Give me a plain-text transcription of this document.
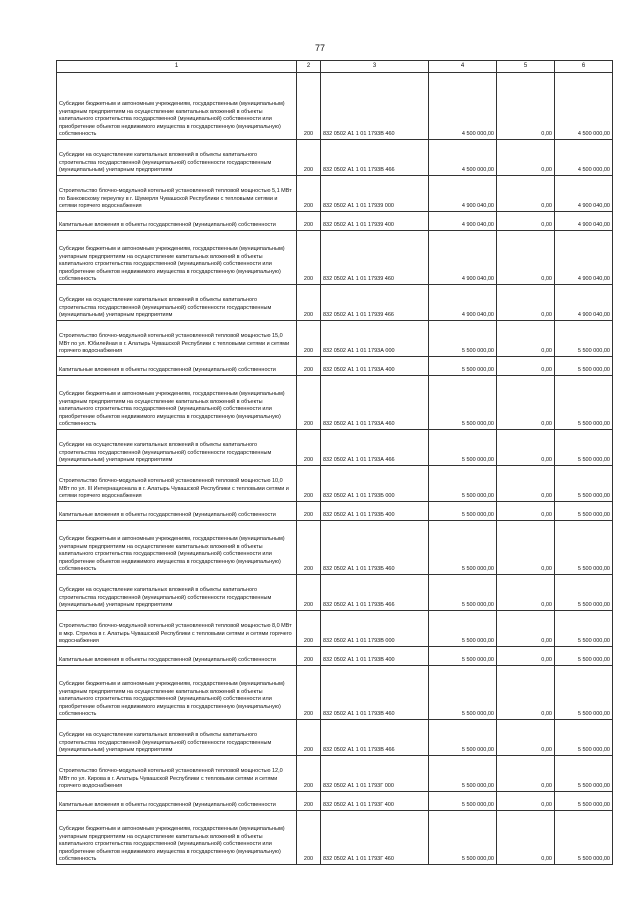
77
1	2	3	4	5	6
Субсидии бюджетным и автономным учреждениям, государственным (муниципальным) унитарным предприятиям на осуществление капитальных вложений в объекты капитального строительства государственной (муниципальной) собственности или приобретение объектов недвижимого имущества в государственную (муниципальную) собственность	200	832 0502 А1 1 01 1793В 460	4 500 000,00	0,00	4 500 000,00
Субсидии на осуществление капитальных вложений в объекты капитального строительства государственной (муниципальной) собственности государственным (муниципальным) унитарным предприятиям	200	832 0502 А1 1 01 1793В 466	4 500 000,00	0,00	4 500 000,00
Строительство блочно-модульной котельной установленной тепловой мощностью 5,1 МВт по Банковскому переулку в г. Шумерля Чувашской Республики с тепловыми сетями и сетями горячего водоснабжения	200	832 0502 А1 1 01 17939 000	4 900 040,00	0,00	4 900 040,00
Капитальные вложения в объекты государственной (муниципальной) собственности	200	832 0502 А1 1 01 17939 400	4 900 040,00	0,00	4 900 040,00
Субсидии бюджетным и автономным учреждениям, государственным (муниципальным) унитарным предприятиям на осуществление капитальных вложений в объекты капитального строительства государственной (муниципальной) собственности или приобретение объектов недвижимого имущества в государственную (муниципальную) собственность	200	832 0502 А1 1 01 17939 460	4 900 040,00	0,00	4 900 040,00
Субсидии на осуществление капитальных вложений в объекты капитального строительства государственной (муниципальной) собственности государственным (муниципальным) унитарным предприятиям	200	832 0502 А1 1 01 17939 466	4 900 040,00	0,00	4 900 040,00
Строительство блочно-модульной котельной установленной тепловой мощностью 15,0 МВт по ул. Юбилейная в г. Алатырь Чувашской Республики с тепловыми сетями и сетями горячего водоснабжения	200	832 0502 А1 1 01 1793А 000	5 500 000,00	0,00	5 500 000,00
Капитальные вложения в объекты государственной (муниципальной) собственности	200	832 0502 А1 1 01 1793А 400	5 500 000,00	0,00	5 500 000,00
Субсидии бюджетным и автономным учреждениям, государственным (муниципальным) унитарным предприятиям на осуществление капитальных вложений в объекты капитального строительства государственной (муниципальной) собственности или приобретение объектов недвижимого имущества в государственную (муниципальную) собственность	200	832 0502 А1 1 01 1793А 460	5 500 000,00	0,00	5 500 000,00
Субсидии на осуществление капитальных вложений в объекты капитального строительства государственной (муниципальной) собственности государственным (муниципальным) унитарным предприятиям	200	832 0502 А1 1 01 1793А 466	5 500 000,00	0,00	5 500 000,00
Строительство блочно-модульной котельной установленной тепловой мощностью 10,0 МВт по ул. III Интернационала в г. Алатырь Чувашской Республики с тепловыми сетями и сетями горячего водоснабжения	200	832 0502 А1 1 01 1793Б 000	5 500 000,00	0,00	5 500 000,00
Капитальные вложения в объекты государственной (муниципальной) собственности	200	832 0502 А1 1 01 1793Б 400	5 500 000,00	0,00	5 500 000,00
Субсидии бюджетным и автономным учреждениям, государственным (муниципальным) унитарным предприятиям на осуществление капитальных вложений в объекты капитального строительства государственной (муниципальной) собственности или приобретение объектов недвижимого имущества в государственную (муниципальную) собственность	200	832 0502 А1 1 01 1793Б 460	5 500 000,00	0,00	5 500 000,00
Субсидии на осуществление капитальных вложений в объекты капитального строительства государственной (муниципальной) собственности государственным (муниципальным) унитарным предприятиям	200	832 0502 А1 1 01 1793Б 466	5 500 000,00	0,00	5 500 000,00
Строительство блочно-модульной котельной установленной тепловой мощностью 8,0 МВт в мкр. Стрелка в г. Алатырь Чувашской Республики с тепловыми сетями и сетями горячего водоснабжения	200	832 0502 А1 1 01 1793В 000	5 500 000,00	0,00	5 500 000,00
Капитальные вложения в объекты государственной (муниципальной) собственности	200	832 0502 А1 1 01 1793В 400	5 500 000,00	0,00	5 500 000,00
Субсидии бюджетным и автономным учреждениям, государственным (муниципальным) унитарным предприятиям на осуществление капитальных вложений в объекты капитального строительства государственной (муниципальной) собственности или приобретение объектов недвижимого имущества в государственную (муниципальную) собственность	200	832 0502 А1 1 01 1793В 460	5 500 000,00	0,00	5 500 000,00
Субсидии на осуществление капитальных вложений в объекты капитального строительства государственной (муниципальной) собственности государственным (муниципальным) унитарным предприятиям	200	832 0502 А1 1 01 1793В 466	5 500 000,00	0,00	5 500 000,00
Строительство блочно-модульной котельной установленной тепловой мощностью 12,0 МВт по ул. Кирова в г. Алатырь Чувашской Республики с тепловыми сетями и сетями горячего водоснабжения	200	832 0502 А1 1 01 1793Г 000	5 500 000,00	0,00	5 500 000,00
Капитальные вложения в объекты государственной (муниципальной) собственности	200	832 0502 А1 1 01 1793Г 400	5 500 000,00	0,00	5 500 000,00
Субсидии бюджетным и автономным учреждениям, государственным (муниципальным) унитарным предприятиям на осуществление капитальных вложений в объекты капитального строительства государственной (муниципальной) собственности или приобретение объектов недвижимого имущества в государственную (муниципальную) собственность	200	832 0502 А1 1 01 1793Г 460	5 500 000,00	0,00	5 500 000,00
